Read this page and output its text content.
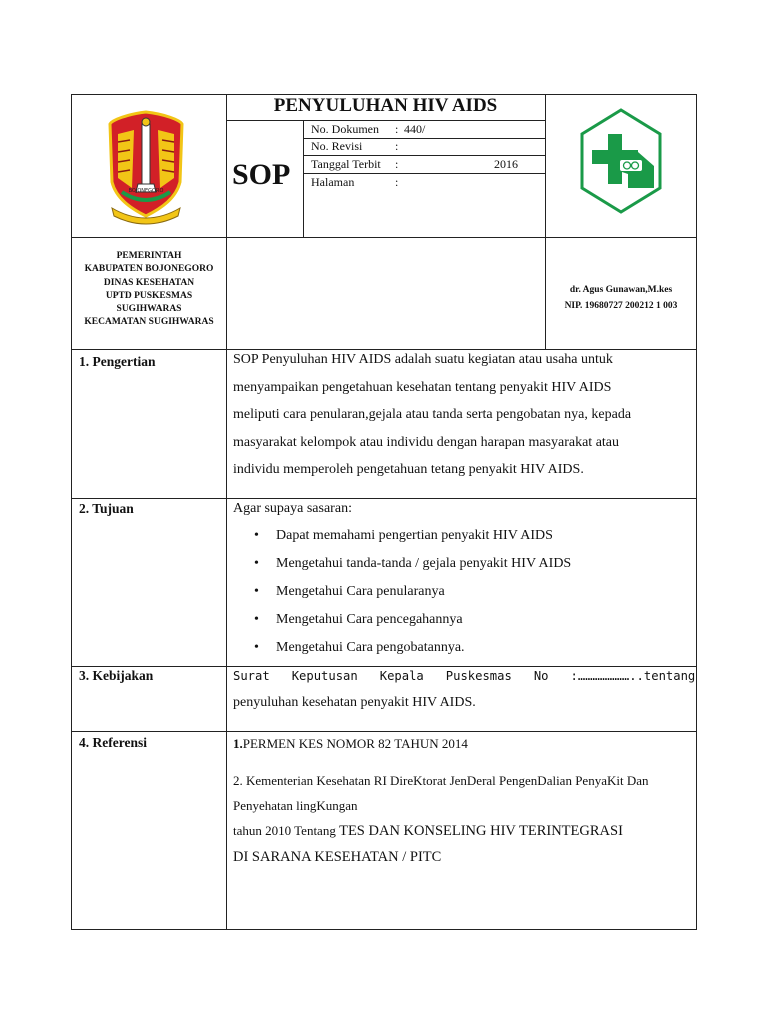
PENYULUHAN HIV AIDS
SOP
No. Dokumen : 440/
No. Revisi	:
Tanggal Terbit :	2016
Halaman	:
BOJONEGORO
PEMERINTAH
KABUPATEN BOJONEGORO
DINAS KESEHATAN
UPTD PUSKESMAS
SUGIHWARAS
KECAMATAN SUGIHWARAS
dr. Agus Gunawan,M.kes
NIP. 19680727 200212 1 003
1. Pengertian	SOP Penyuluhan HIV AIDS adalah suatu kegiatan atau usaha untuk
menyampaikan pengetahuan kesehatan tentang penyakit HIV AIDS
meliputi cara penularan,gejala atau tanda serta pengobatan nya, kepada
masyarakat kelompok atau individu dengan harapan masyarakat atau
individu memperoleh pengetahuan tetang penyakit HIV AIDS.
2. Tujuan	Agar supaya sasaran:
• Dapat memahami pengertian penyakit HIV AIDS
• Mengetahui tanda-tanda / gejala penyakit HIV AIDS
• Mengetahui Cara penularanya
• Mengetahui Cara pencegahannya
• Mengetahui Cara pengobatannya.
3. Kebijakan	Surat   Keputusan   Kepala   Puskesmas   No   :…………………..tentang
penyuluhan kesehatan penyakit HIV AIDS.
4. Referensi	1.PERMEN KES NOMOR 82 TAHUN 2014
2. Kementerian Kesehatan RI DireKtorat JenDeral PengenDalian PenyaKit Dan
Penyehatan lingKungan
tahun 2010 Tentang TES DAN KONSELING HIV TERINTEGRASI
DI SARANA KESEHATAN / PITC
